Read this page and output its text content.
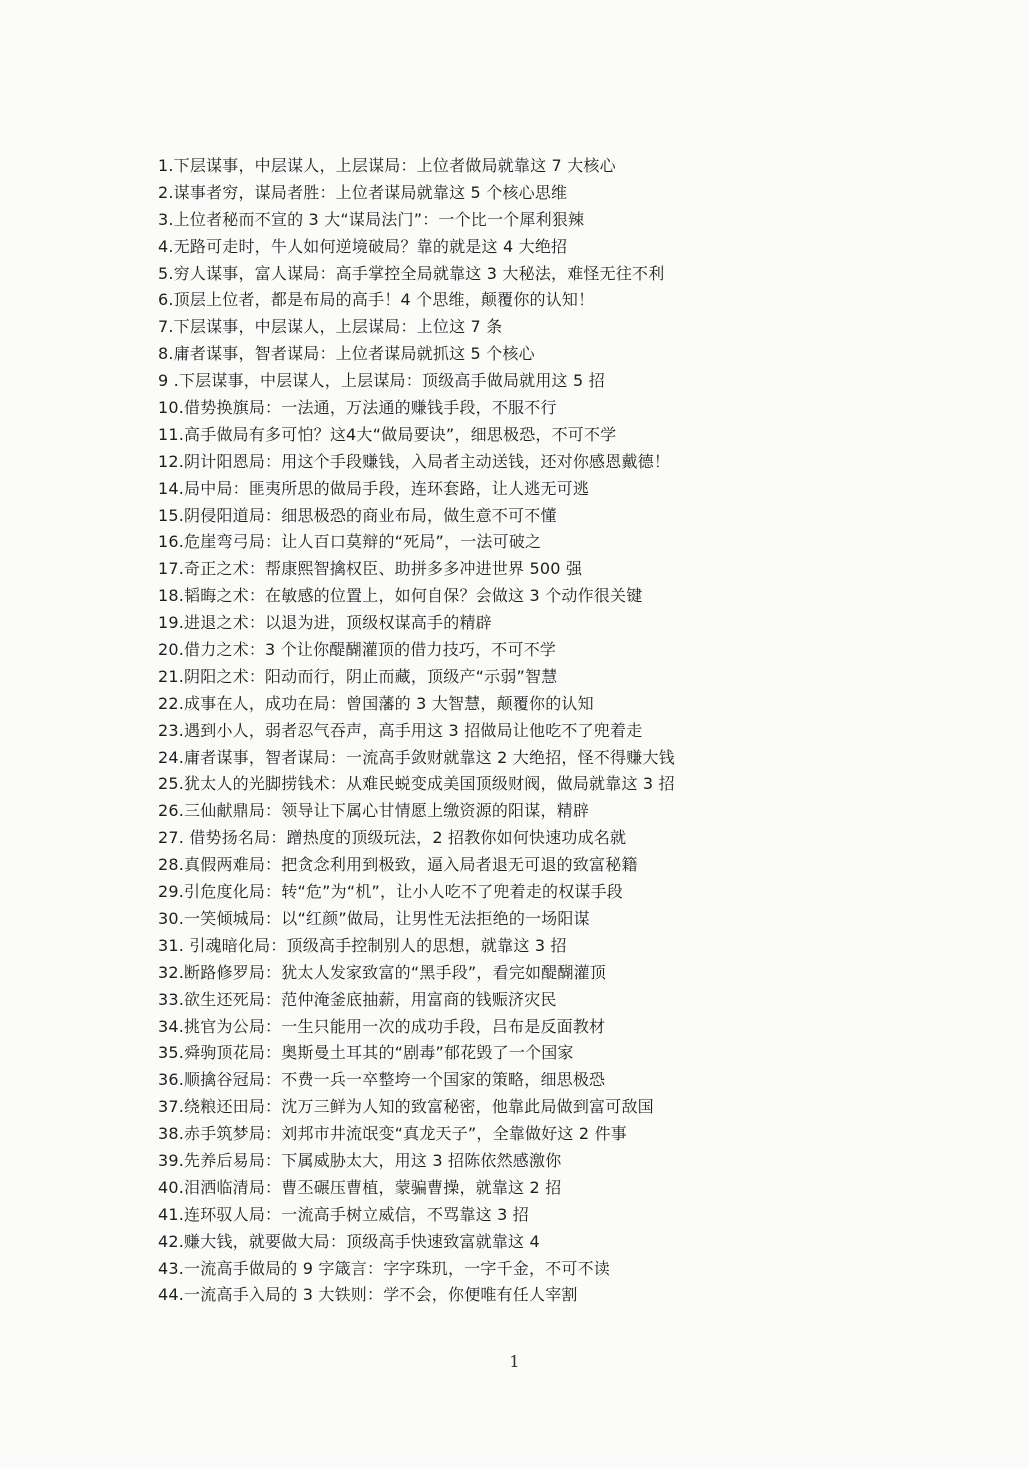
1.下层谋事，中层谋人，上层谋局：上位者做局就靠这 7 大核心
2.谋事者穷，谋局者胜：上位者谋局就靠这 5 个核心思维
3.上位者秘而不宣的 3 大“谋局法门”：一个比一个犀利狠辣
4.无路可走时，牛人如何逆境破局？靠的就是这 4 大绝招
5.穷人谋事，富人谋局：高手掌控全局就靠这 3 大秘法，难怪无往不利
6.顶层上位者，都是布局的高手！4 个思维，颠覆你的认知！
7.下层谋事，中层谋人，上层谋局：上位这 7 条
8.庸者谋事，智者谋局：上位者谋局就抓这 5 个核心
9 .下层谋事，中层谋人，上层谋局：顶级高手做局就用这 5 招
10.借势换旗局：一法通，万法通的赚钱手段，不服不行
11.高手做局有多可怕？这4大“做局要诀”，细思极恐，不可不学
12.阴计阳恩局：用这个手段赚钱，入局者主动送钱，还对你感恩戴德！
14.局中局：匪夷所思的做局手段，连环套路，让人逃无可逃
15.阴侵阳道局：细思极恐的商业布局，做生意不可不懂
16.危崖弯弓局：让人百口莫辩的“死局”，一法可破之
17.奇正之术：帮康熙智擒权臣、助拼多多冲进世界 500 强
18.韬晦之术：在敏感的位置上，如何自保？会做这 3 个动作很关键
19.进退之术：以退为进，顶级权谋高手的精辟
20.借力之术：3 个让你醍醐灌顶的借力技巧，不可不学
21.阴阳之术：阳动而行，阴止而藏，顶级产“示弱”智慧
22.成事在人，成功在局：曾国藩的 3 大智慧，颠覆你的认知
23.遇到小人，弱者忍气吞声，高手用这 3 招做局让他吃不了兜着走
24.庸者谋事，智者谋局：一流高手敛财就靠这 2 大绝招，怪不得赚大钱
25.犹太人的光脚捞钱术：从难民蜕变成美国顶级财阀，做局就靠这 3 招
26.三仙献鼎局：领导让下属心甘情愿上缴资源的阳谋，精辟
27. 借势扬名局：蹭热度的顶级玩法，2 招教你如何快速功成名就
28.真假两难局：把贪念利用到极致，逼入局者退无可退的致富秘籍
29.引危度化局：转“危”为“机”，让小人吃不了兜着走的权谋手段
30.一笑倾城局：以“红颜”做局，让男性无法拒绝的一场阳谋
31. 引魂暗化局：顶级高手控制别人的思想，就靠这 3 招
32.断路修罗局：犹太人发家致富的“黑手段”，看完如醍醐灌顶
33.欲生还死局：范仲淹釜底抽薪，用富商的钱赈济灾民
34.挑官为公局：一生只能用一次的成功手段，吕布是反面教材
35.舜驹顶花局：奥斯曼土耳其的“剧毒”郁花毁了一个国家
36.顺擒谷冠局：不费一兵一卒整垮一个国家的策略，细思极恐
37.绕粮还田局：沈万三鲜为人知的致富秘密，他靠此局做到富可敌国
38.赤手筑梦局：刘邦市井流氓变“真龙天子”，全靠做好这 2 件事
39.先养后易局：下属威胁太大，用这 3 招陈依然感激你
40.泪洒临清局：曹丕碾压曹植，蒙骗曹操，就靠这 2 招
41.连环驭人局：一流高手树立威信，不骂靠这 3 招
42.赚大钱，就要做大局：顶级高手快速致富就靠这 4
43.一流高手做局的 9 字箴言：字字珠玑，一字千金，不可不读
44.一流高手入局的 3 大铁则：学不会，你便唯有任人宰割
1
